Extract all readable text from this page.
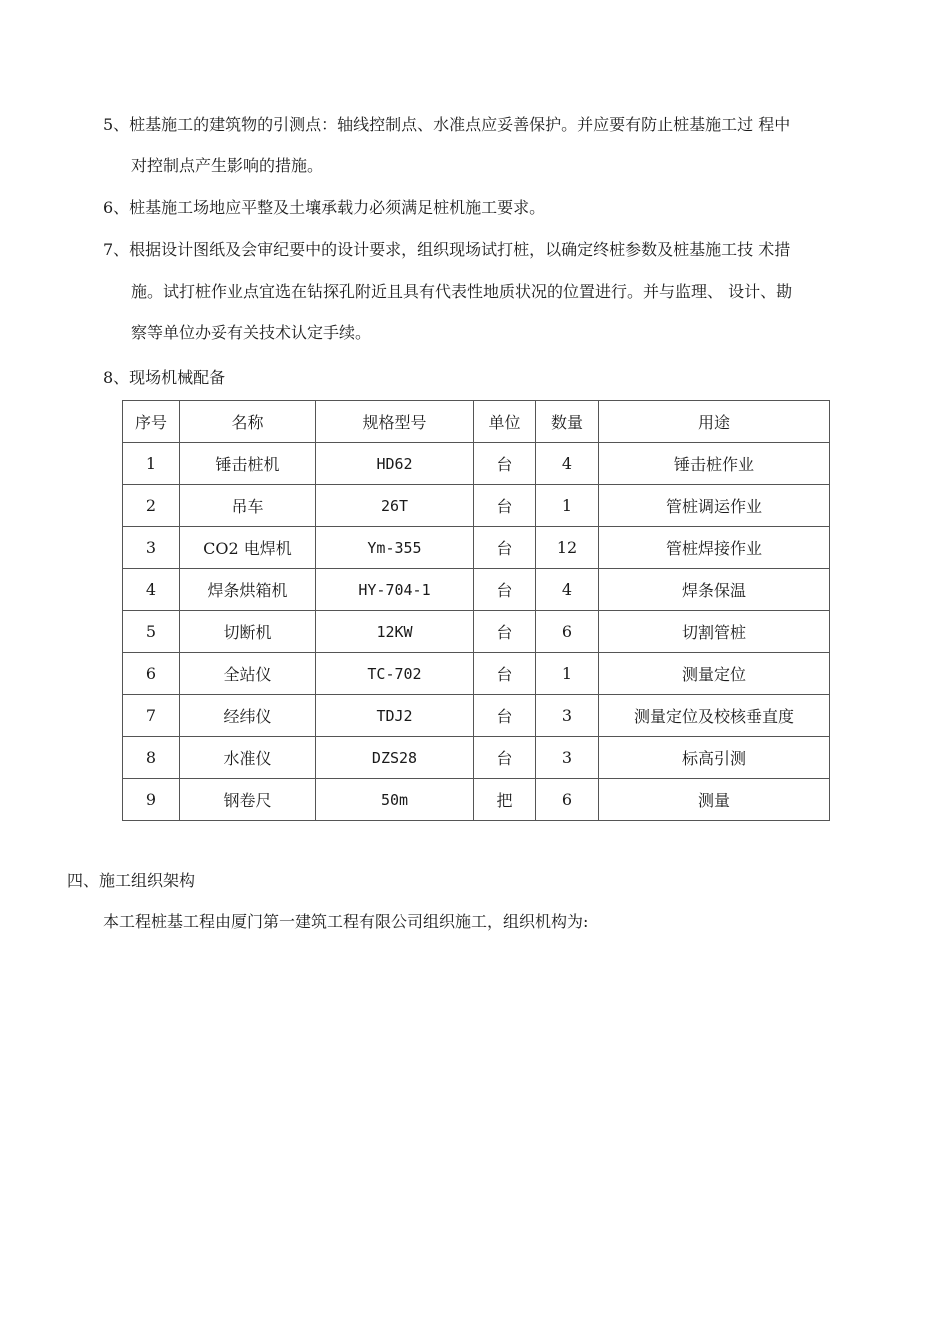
5、桩基施工的建筑物的引测点：轴线控制点、水准点应妥善保护。并应要有防止桩基施工过 程中

对控制点产生影响的措施。

6、桩基施工场地应平整及土壤承载力必须满足桩机施工要求。

7、根据设计图纸及会审纪要中的设计要求，组织现场试打桩，以确定终桩参数及桩基施工技 术措

施。试打桩作业点宜选在钻探孔附近且具有代表性地质状况的位置进行。并与监理、 设计、勘

察等单位办妥有关技术认定手续。

8、现场机械配备

序号	名称	规格型号	单位	数量	用途
1	锤击桩机	HD62	台	4	锤击桩作业
2	吊车	26T	台	1	管桩调运作业
3	CO2 电焊机	Ym-355	台	12	管桩焊接作业
4	焊条烘箱机	HY-704-1	台	4	焊条保温
5	切断机	12KW	台	6	切割管桩
6	全站仪	TC-702	台	1	测量定位
7	经纬仪	TDJ2	台	3	测量定位及校核垂直度
8	水准仪	DZS28	台	3	标高引测
9	钢卷尺	50m	把	6	测量

四、施工组织架构

本工程桩基工程由厦门第一建筑工程有限公司组织施工，组织机构为:
